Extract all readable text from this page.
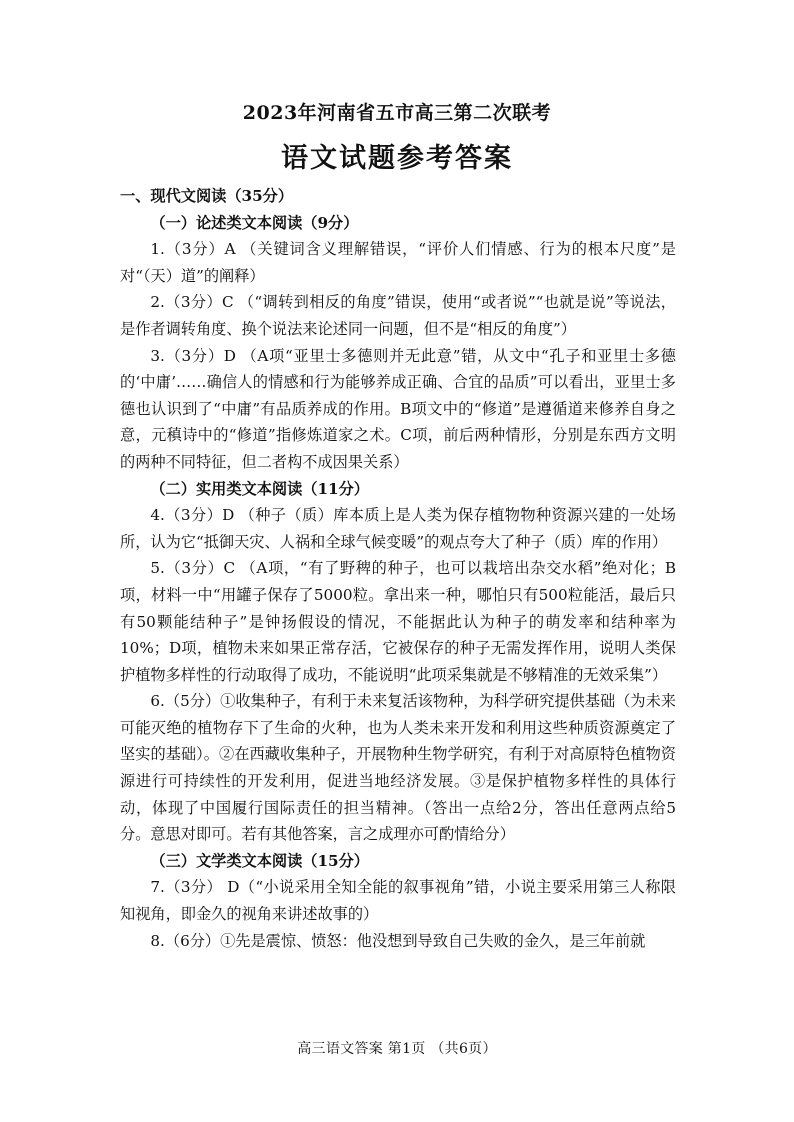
2023年河南省五市高三第二次联考
语文试题参考答案

一、现代文阅读（35分）

（一）论述类文本阅读（9分）

1.（3分）A （关键词含义理解错误，“评价人们情感、行为的根本尺度”是对“（天）道”的阐释）

2.（3分）C （“调转到相反的角度”错误，使用“或者说”“也就是说”等说法，是作者调转角度、换个说法来论述同一问题，但不是“相反的角度”）

3.（3分）D （A项“亚里士多德则并无此意”错，从文中“孔子和亚里士多德的‘中庸’……确信人的情感和行为能够养成正确、合宜的品质”可以看出，亚里士多德也认识到了“中庸”有品质养成的作用。B项文中的“修道”是遵循道来修养自身之意，元稹诗中的“修道”指修炼道家之术。C项，前后两种情形，分别是东西方文明的两种不同特征，但二者构不成因果关系）

（二）实用类文本阅读（11分）

4.（3分）D （种子（质）库本质上是人类为保存植物物种资源兴建的一处场所，认为它“抵御天灾、人祸和全球气候变暖”的观点夸大了种子（质）库的作用）

5.（3分）C （A项，“有了野稗的种子，也可以栽培出杂交水稻”绝对化；B项，材料一中“用罐子保存了5000粒。拿出来一种，哪怕只有500粒能活，最后只有50颗能结种子”是钟扬假设的情况，不能据此认为种子的萌发率和结种率为10%；D项，植物未来如果正常存活，它被保存的种子无需发挥作用，说明人类保护植物多样性的行动取得了成功，不能说明“此项采集就是不够精准的无效采集”）

6.（5分）①收集种子，有利于未来复活该物种，为科学研究提供基础（为未来可能灭绝的植物存下了生命的火种，也为人类未来开发和利用这些种质资源奠定了坚实的基础）。②在西藏收集种子，开展物种生物学研究，有利于对高原特色植物资源进行可持续性的开发利用，促进当地经济发展。③是保护植物多样性的具体行动，体现了中国履行国际责任的担当精神。（答出一点给2分，答出任意两点给5分。意思对即可。若有其他答案，言之成理亦可酌情给分）

（三）文学类文本阅读（15分）

7.（3分） D（“小说采用全知全能的叙事视角”错，小说主要采用第三人称限知视角，即金久的视角来讲述故事的）

8.（6分）①先是震惊、愤怒：他没想到导致自己失败的金久，是三年前就

高三语文答案 第1页 （共6页）
